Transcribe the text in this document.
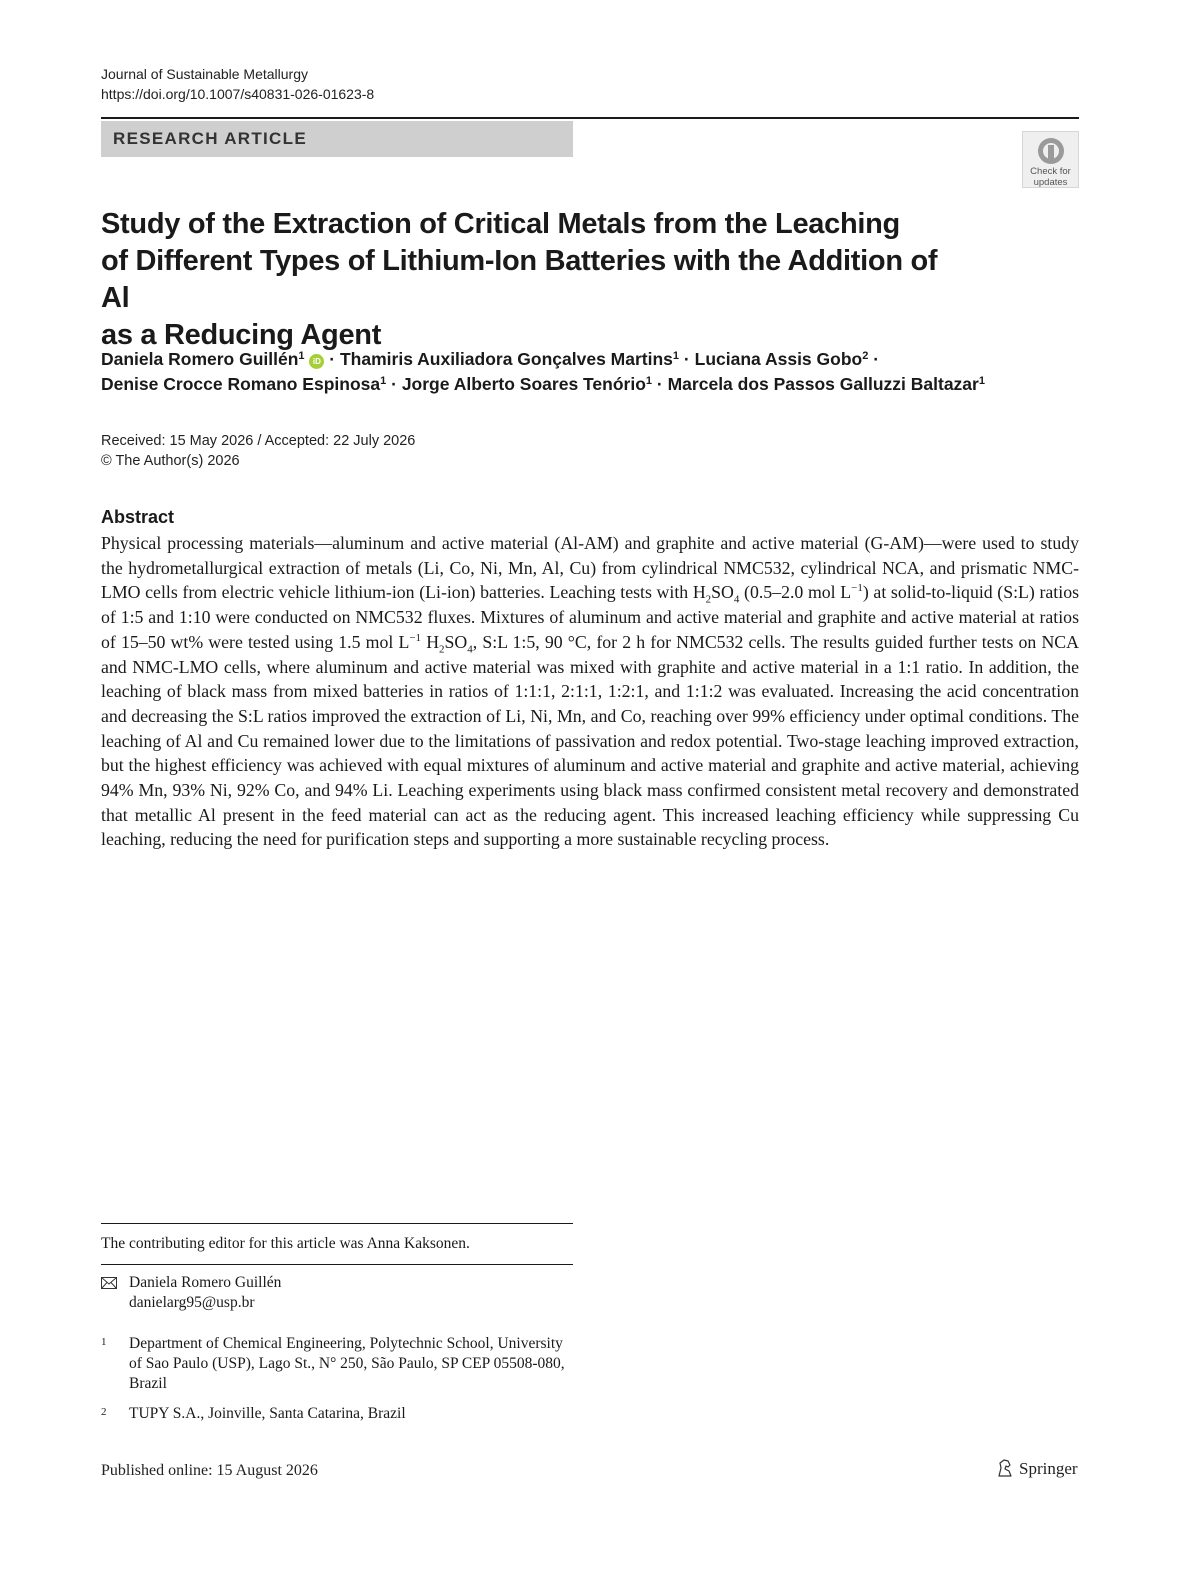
Journal of Sustainable Metallurgy
https://doi.org/10.1007/s40831-026-01623-8
RESEARCH ARTICLE
Check for
updates
Study of the Extraction of Critical Metals from the Leaching
of Different Types of Lithium-Ion Batteries with the Addition of Al
as a Reducing Agent
Daniela Romero Guillén$^1$ iD · Thamiris Auxiliadora Gonçalves Martins$^1$ · Luciana Assis Gobo$^2$ ·
Denise Crocce Romano Espinosa$^1$ · Jorge Alberto Soares Tenório$^1$ · Marcela dos Passos Galluzzi Baltazar$^1$
Received: 15 May 2026 / Accepted: 22 July 2026
© The Author(s) 2026
Abstract
Physical processing materials—aluminum and active material (Al-AM) and graphite and active material (G-AM)—were used to study the hydrometallurgical extraction of metals (Li, Co, Ni, Mn, Al, Cu) from cylindrical NMC532, cylindrical NCA, and prismatic NMC-LMO cells from electric vehicle lithium-ion (Li-ion) batteries. Leaching tests with $H_2SO_4$ (0.5–2.0 mol $L^{-1}$) at solid-to-liquid (S:L) ratios of 1:5 and 1:10 were conducted on NMC532 fluxes. Mixtures of aluminum and active material and graphite and active material at ratios of 15–50 wt% were tested using 1.5 mol $L^{-1}$ $H_2SO_4$, S:L 1:5, 90 °C, for 2 h for NMC532 cells. The results guided further tests on NCA and NMC-LMO cells, where aluminum and active material was mixed with graphite and active material in a 1:1 ratio. In addition, the leaching of black mass from mixed batteries in ratios of 1:1:1, 2:1:1, 1:2:1, and 1:1:2 was evaluated. Increasing the acid concentration and decreasing the S:L ratios improved the extraction of Li, Ni, Mn, and Co, reaching over 99% efficiency under optimal conditions. The leaching of Al and Cu remained lower due to the limitations of passivation and redox potential. Two-stage leaching improved extraction, but the highest efficiency was achieved with equal mixtures of aluminum and active material and graphite and active material, achieving 94% Mn, 93% Ni, 92% Co, and 94% Li. Leaching experiments using black mass confirmed consistent metal recovery and demonstrated that metallic Al present in the feed material can act as the reducing agent. This increased leaching efficiency while suppressing Cu leaching, reducing the need for purification steps and supporting a more sustainable recycling process.
The contributing editor for this article was Anna Kaksonen.
Daniela Romero Guillén
danielarg95@usp.br
1 Department of Chemical Engineering, Polytechnic School, University of Sao Paulo (USP), Lago St., N° 250, São Paulo, SP CEP 05508-080, Brazil
2 TUPY S.A., Joinville, Santa Catarina, Brazil
Published online: 15 August 2026	Springer
